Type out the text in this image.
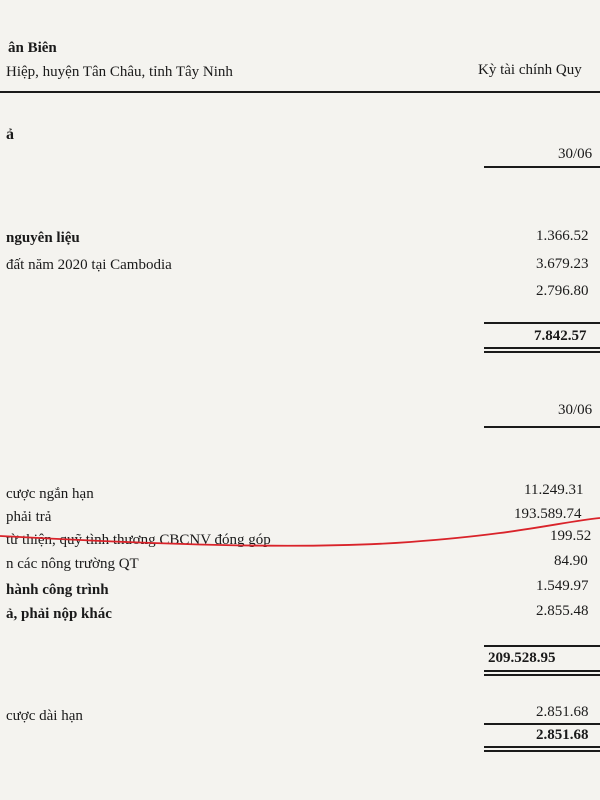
ân Biên
Hiệp, huyện Tân Châu, tỉnh Tây Ninh	Kỳ tài chính Quy
ả
30/06
nguyên liệu	1.366.52
đất năm 2020 tại Cambodia	3.679.23
2.796.80
7.842.57
30/06
cược ngắn hạn	11.249.31
phải trả	193.589.74
từ thiện, quỹ tình thương CBCNV đóng góp	199.52
n các nông trường QT	84.90
hành công trình	1.549.97
ả, phải nộp khác	2.855.48
209.528.95
cược dài hạn	2.851.68
2.851.68
